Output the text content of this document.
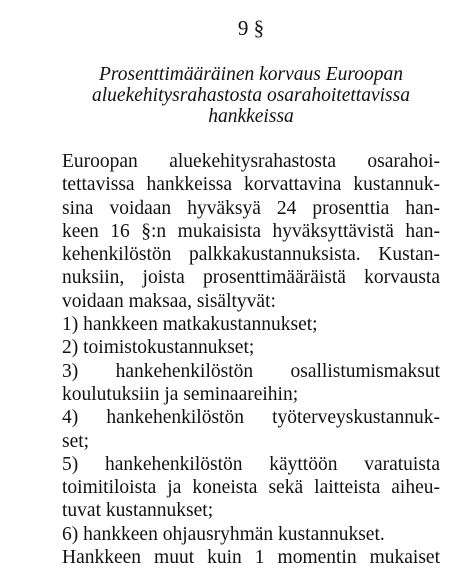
9 §
Prosenttimääräinen korvaus Euroopan
aluekehitysrahastosta osarahoitettavissa
hankkeissa
Euroopan aluekehitysrahastosta osarahoi-
tettavissa hankkeissa korvattavina kustannuk-
sina voidaan hyväksyä 24 prosenttia han-
keen 16 §:n mukaisista hyväksyttävistä han-
kehenkilöstön palkkakustannuksista. Kustan-
nuksiin, joista prosenttimääräistä korvausta
voidaan maksaa, sisältyvät:
1) hankkeen matkakustannukset;
2) toimistokustannukset;
3) hankehenkilöstön osallistumismaksut
koulutuksiin ja seminaareihin;
4) hankehenkilöstön työterveyskustannuk-
set;
5) hankehenkilöstön käyttöön varatuista
toimitiloista ja koneista sekä laitteista aiheu-
tuvat kustannukset;
6) hankkeen ohjausryhmän kustannukset.
Hankkeen muut kuin 1 momentin mukaiset
